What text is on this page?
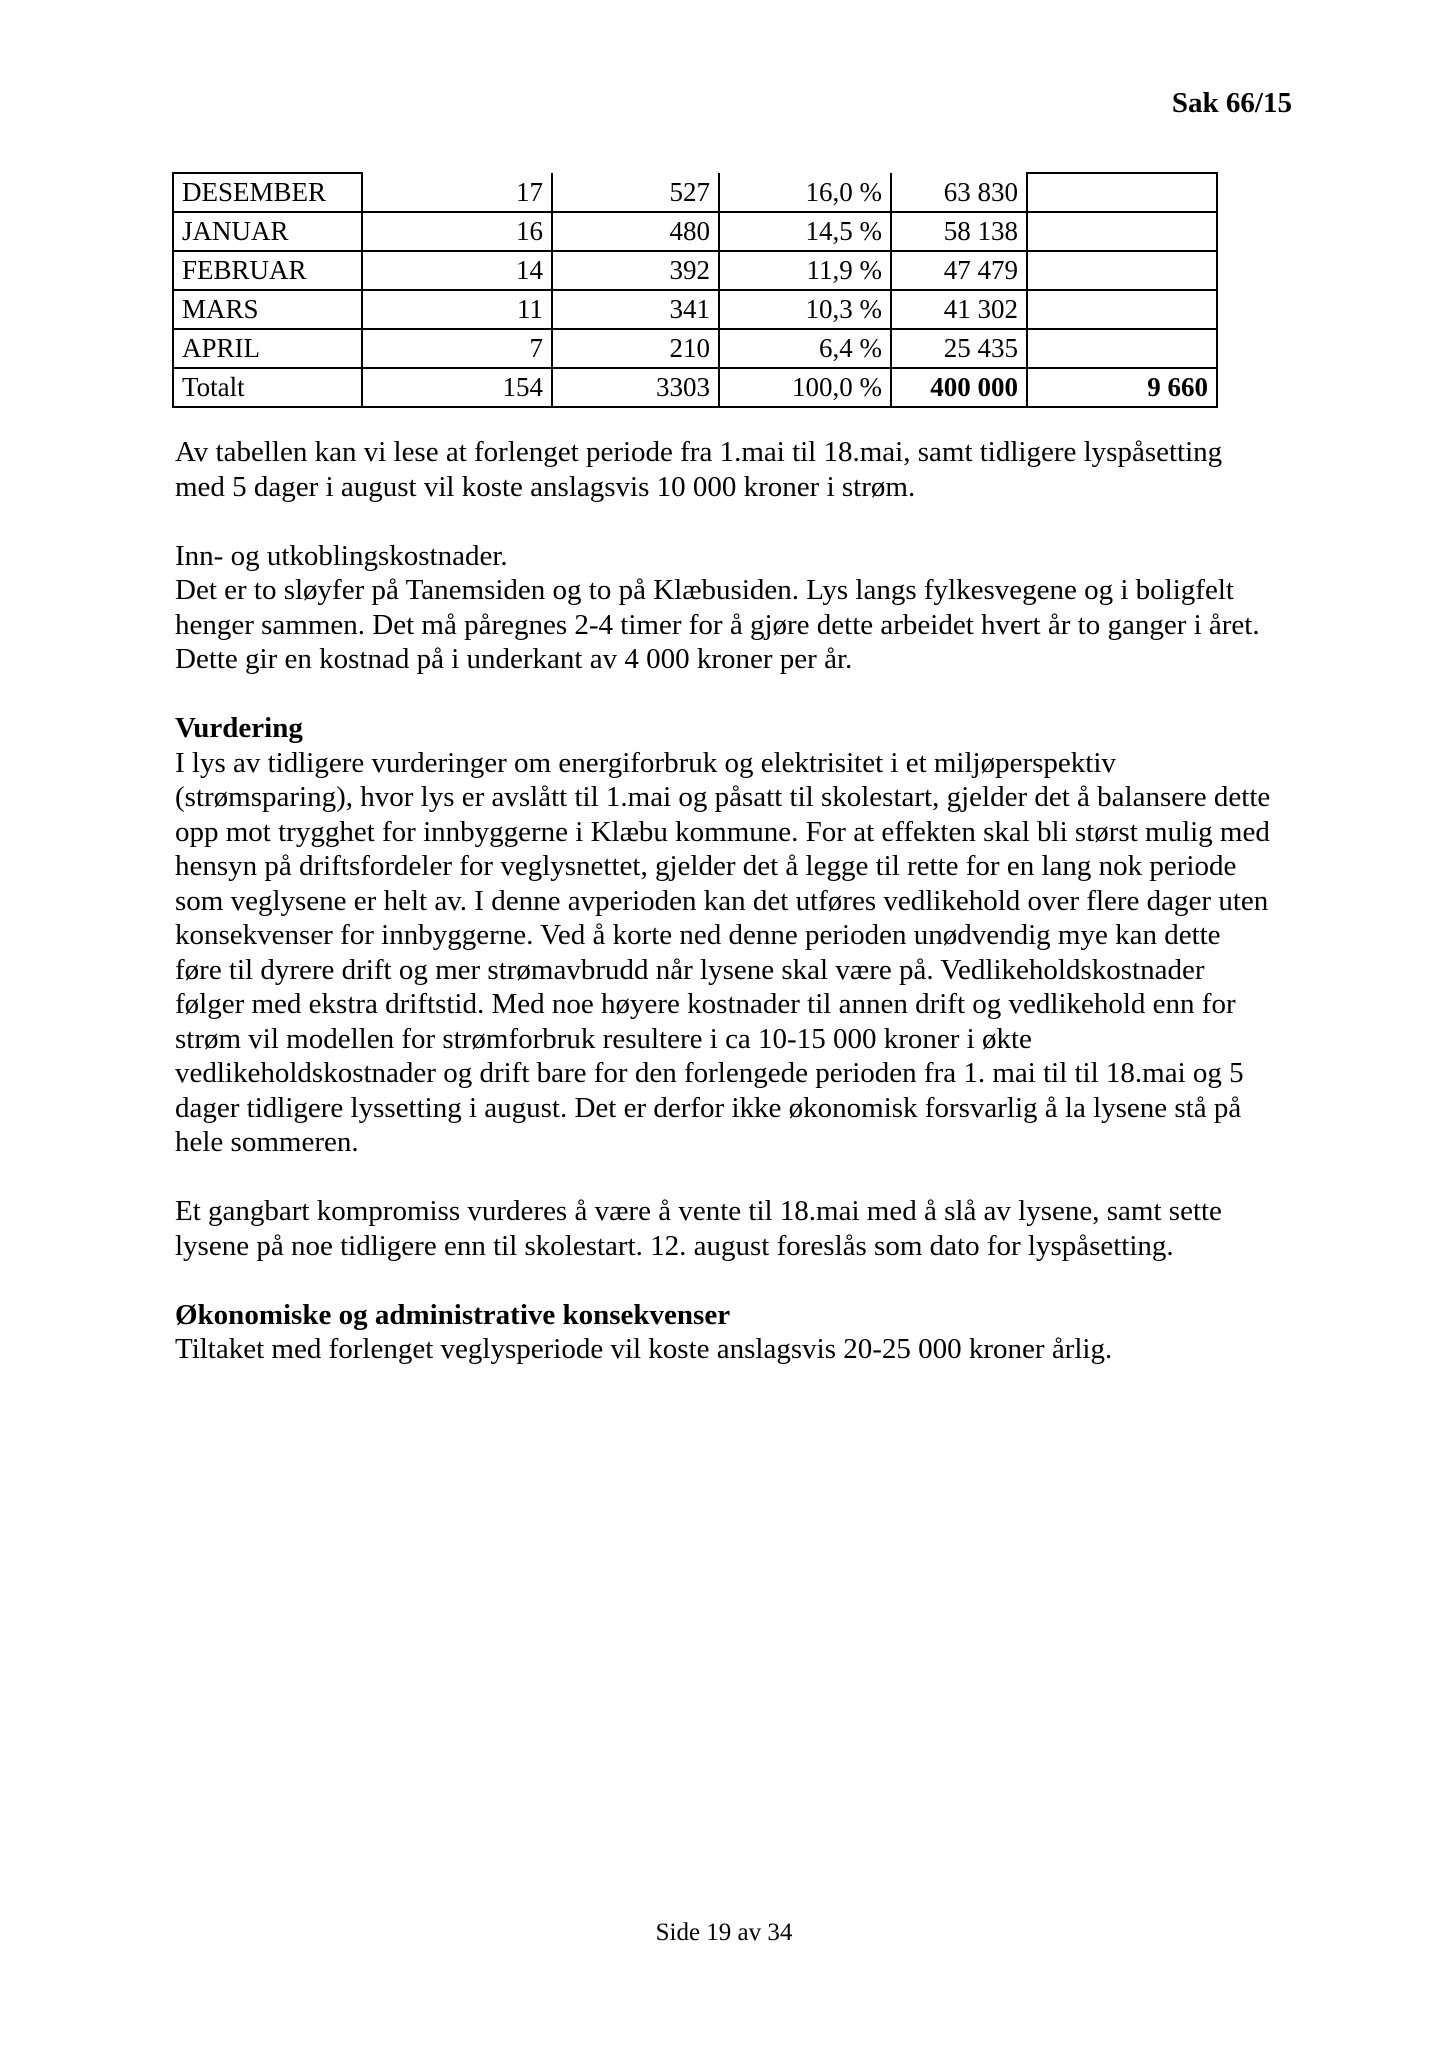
Sak 66/15
DESEMBER	17	527	16,0 %	63 830	
JANUAR	16	480	14,5 %	58 138	
FEBRUAR	14	392	11,9 %	47 479	
MARS	11	341	10,3 %	41 302	
APRIL	7	210	6,4 %	25 435	
Totalt	154	3303	100,0 %	400 000	9 660

Av tabellen kan vi lese at forlenget periode fra 1.mai til 18.mai, samt tidligere lyspåsetting
med 5 dager i august vil koste anslagsvis 10 000 kroner i strøm.

Inn- og utkoblingskostnader.
Det er to sløyfer på Tanemsiden og to på Klæbusiden. Lys langs fylkesvegene og i boligfelt
henger sammen. Det må påregnes 2-4 timer for å gjøre dette arbeidet hvert år to ganger i året.
Dette gir en kostnad på i underkant av 4 000 kroner per år.

Vurdering
I lys av tidligere vurderinger om energiforbruk og elektrisitet i et miljøperspektiv
(strømsparing), hvor lys er avslått til 1.mai og påsatt til skolestart, gjelder det å balansere dette
opp mot trygghet for innbyggerne i Klæbu kommune. For at effekten skal bli størst mulig med
hensyn på driftsfordeler for veglysnettet, gjelder det å legge til rette for en lang nok periode
som veglysene er helt av. I denne avperioden kan det utføres vedlikehold over flere dager uten
konsekvenser for innbyggerne. Ved å korte ned denne perioden unødvendig mye kan dette
føre til dyrere drift og mer strømavbrudd når lysene skal være på. Vedlikeholdskostnader
følger med ekstra driftstid. Med noe høyere kostnader til annen drift og vedlikehold enn for
strøm vil modellen for strømforbruk resultere i ca 10-15 000 kroner i økte
vedlikeholdskostnader og drift bare for den forlengede perioden fra 1. mai til til 18.mai og 5
dager tidligere lyssetting i august. Det er derfor ikke økonomisk forsvarlig å la lysene stå på
hele sommeren.

Et gangbart kompromiss vurderes å være å vente til 18.mai med å slå av lysene, samt sette
lysene på noe tidligere enn til skolestart. 12. august foreslås som dato for lyspåsetting.

Økonomiske og administrative konsekvenser
Tiltaket med forlenget veglysperiode vil koste anslagsvis 20-25 000 kroner årlig.

Side 19 av 34
